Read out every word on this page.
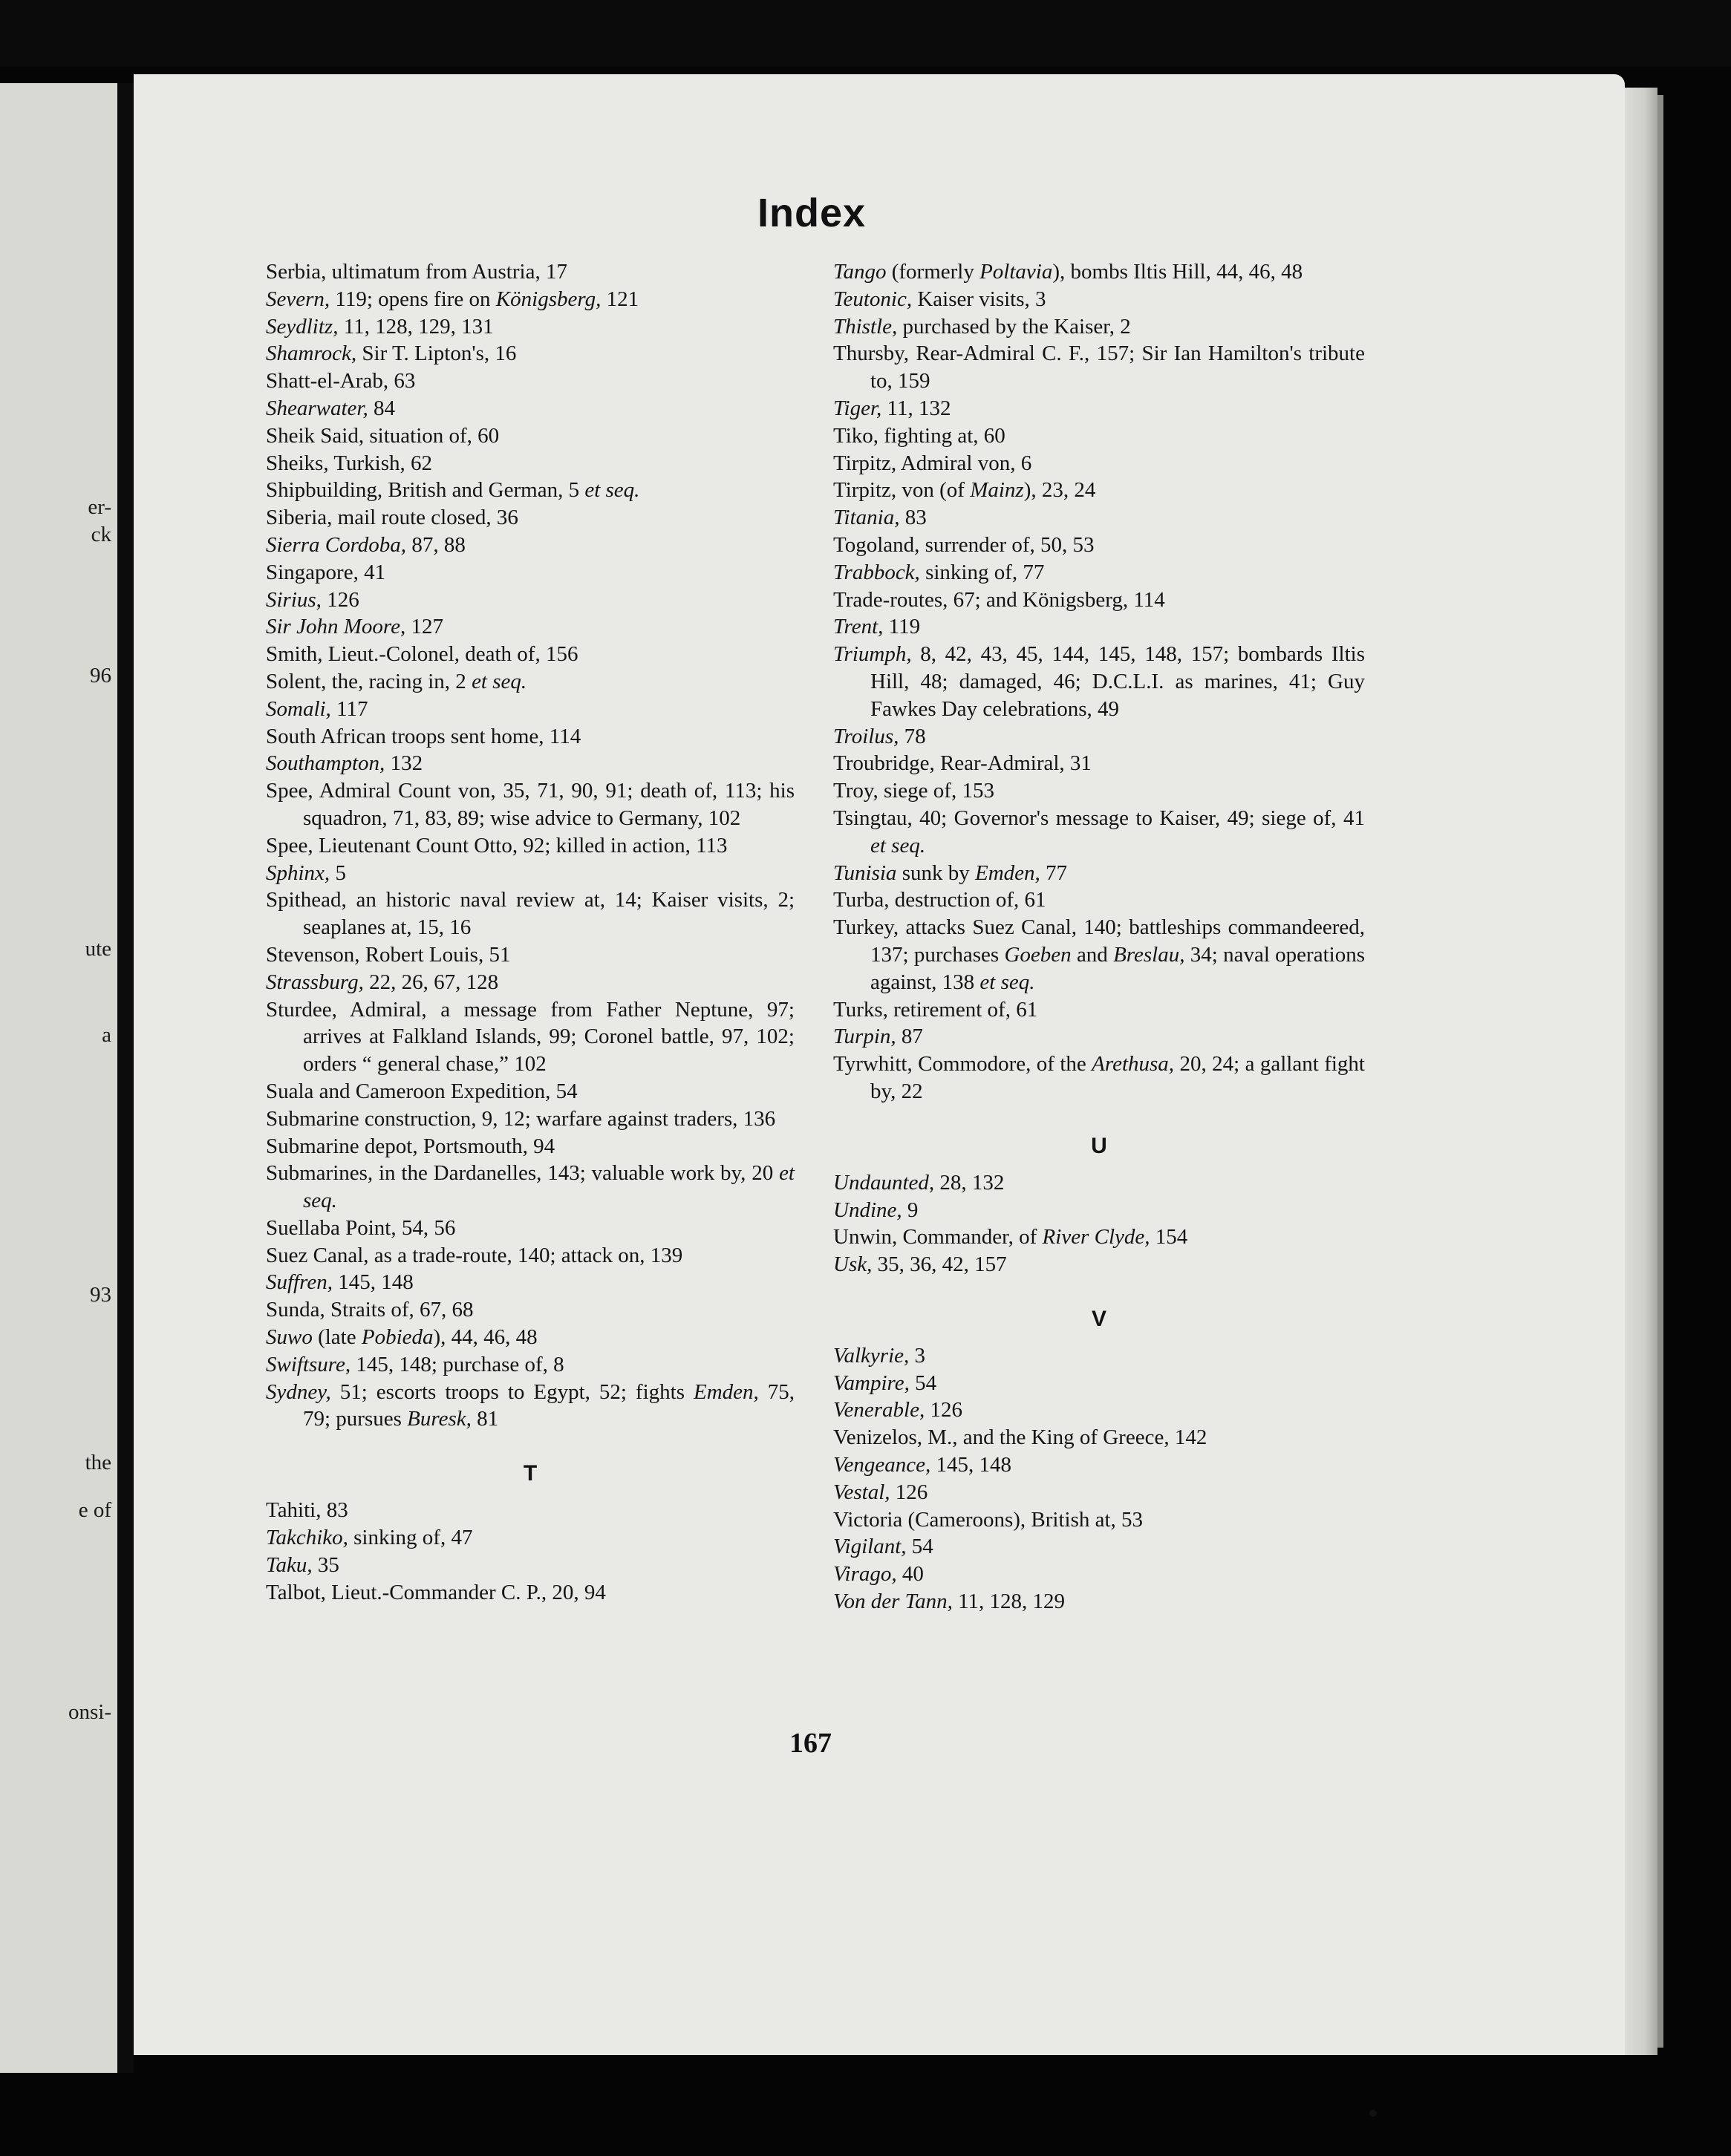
er-
ck
96
ute
a
93
the
e of
onsi-
Index

Serbia, ultimatum from Austria, 17

Severn, 119; opens fire on Königsberg, 121

Seydlitz, 11, 128, 129, 131

Shamrock, Sir T. Lipton's, 16

Shatt-el-Arab, 63

Shearwater, 84

Sheik Said, situation of, 60

Sheiks, Turkish, 62

Shipbuilding, British and German, 5 et seq.

Siberia, mail route closed, 36

Sierra Cordoba, 87, 88

Singapore, 41

Sirius, 126

Sir John Moore, 127

Smith, Lieut.-Colonel, death of, 156

Solent, the, racing in, 2 et seq.

Somali, 117

South African troops sent home, 114

Southampton, 132

Spee, Admiral Count von, 35, 71, 90, 91; death of, 113; his squadron, 71, 83, 89; wise advice to Germany, 102

Spee, Lieutenant Count Otto, 92; killed in action, 113

Sphinx, 5

Spithead, an historic naval review at, 14; Kaiser visits, 2; seaplanes at, 15, 16

Stevenson, Robert Louis, 51

Strassburg, 22, 26, 67, 128

Sturdee, Admiral, a message from Father Neptune, 97; arrives at Falkland Islands, 99; Coronel battle, 97, 102; orders “ general chase,” 102

Suala and Cameroon Expedition, 54

Submarine construction, 9, 12; warfare against traders, 136

Submarine depot, Portsmouth, 94

Submarines, in the Dardanelles, 143; valuable work by, 20 et seq.

Suellaba Point, 54, 56

Suez Canal, as a trade-route, 140; attack on, 139

Suffren, 145, 148

Sunda, Straits of, 67, 68

Suwo (late Pobieda), 44, 46, 48

Swiftsure, 145, 148; purchase of, 8

Sydney, 51; escorts troops to Egypt, 52; fights Emden, 75, 79; pursues Buresk, 81

T

Tahiti, 83

Takchiko, sinking of, 47

Taku, 35

Talbot, Lieut.-Commander C. P., 20, 94

Tango (formerly Poltavia), bombs Iltis Hill, 44, 46, 48

Teutonic, Kaiser visits, 3

Thistle, purchased by the Kaiser, 2

Thursby, Rear-Admiral C. F., 157; Sir Ian Hamilton's tribute to, 159

Tiger, 11, 132

Tiko, fighting at, 60

Tirpitz, Admiral von, 6

Tirpitz, von (of Mainz), 23, 24

Titania, 83

Togoland, surrender of, 50, 53

Trabbock, sinking of, 77

Trade-routes, 67; and Königsberg, 114

Trent, 119

Triumph, 8, 42, 43, 45, 144, 145, 148, 157; bombards Iltis Hill, 48; damaged, 46; D.C.L.I. as marines, 41; Guy Fawkes Day celebrations, 49

Troilus, 78

Troubridge, Rear-Admiral, 31

Troy, siege of, 153

Tsingtau, 40; Governor's message to Kaiser, 49; siege of, 41 et seq.

Tunisia sunk by Emden, 77

Turba, destruction of, 61

Turkey, attacks Suez Canal, 140; battleships commandeered, 137; purchases Goeben and Breslau, 34; naval operations against, 138 et seq.

Turks, retirement of, 61

Turpin, 87

Tyrwhitt, Commodore, of the Arethusa, 20, 24; a gallant fight by, 22

U

Undaunted, 28, 132

Undine, 9

Unwin, Commander, of River Clyde, 154

Usk, 35, 36, 42, 157

V

Valkyrie, 3

Vampire, 54

Venerable, 126

Venizelos, M., and the King of Greece, 142

Vengeance, 145, 148

Vestal, 126

Victoria (Cameroons), British at, 53

Vigilant, 54

Virago, 40

Von der Tann, 11, 128, 129

167
